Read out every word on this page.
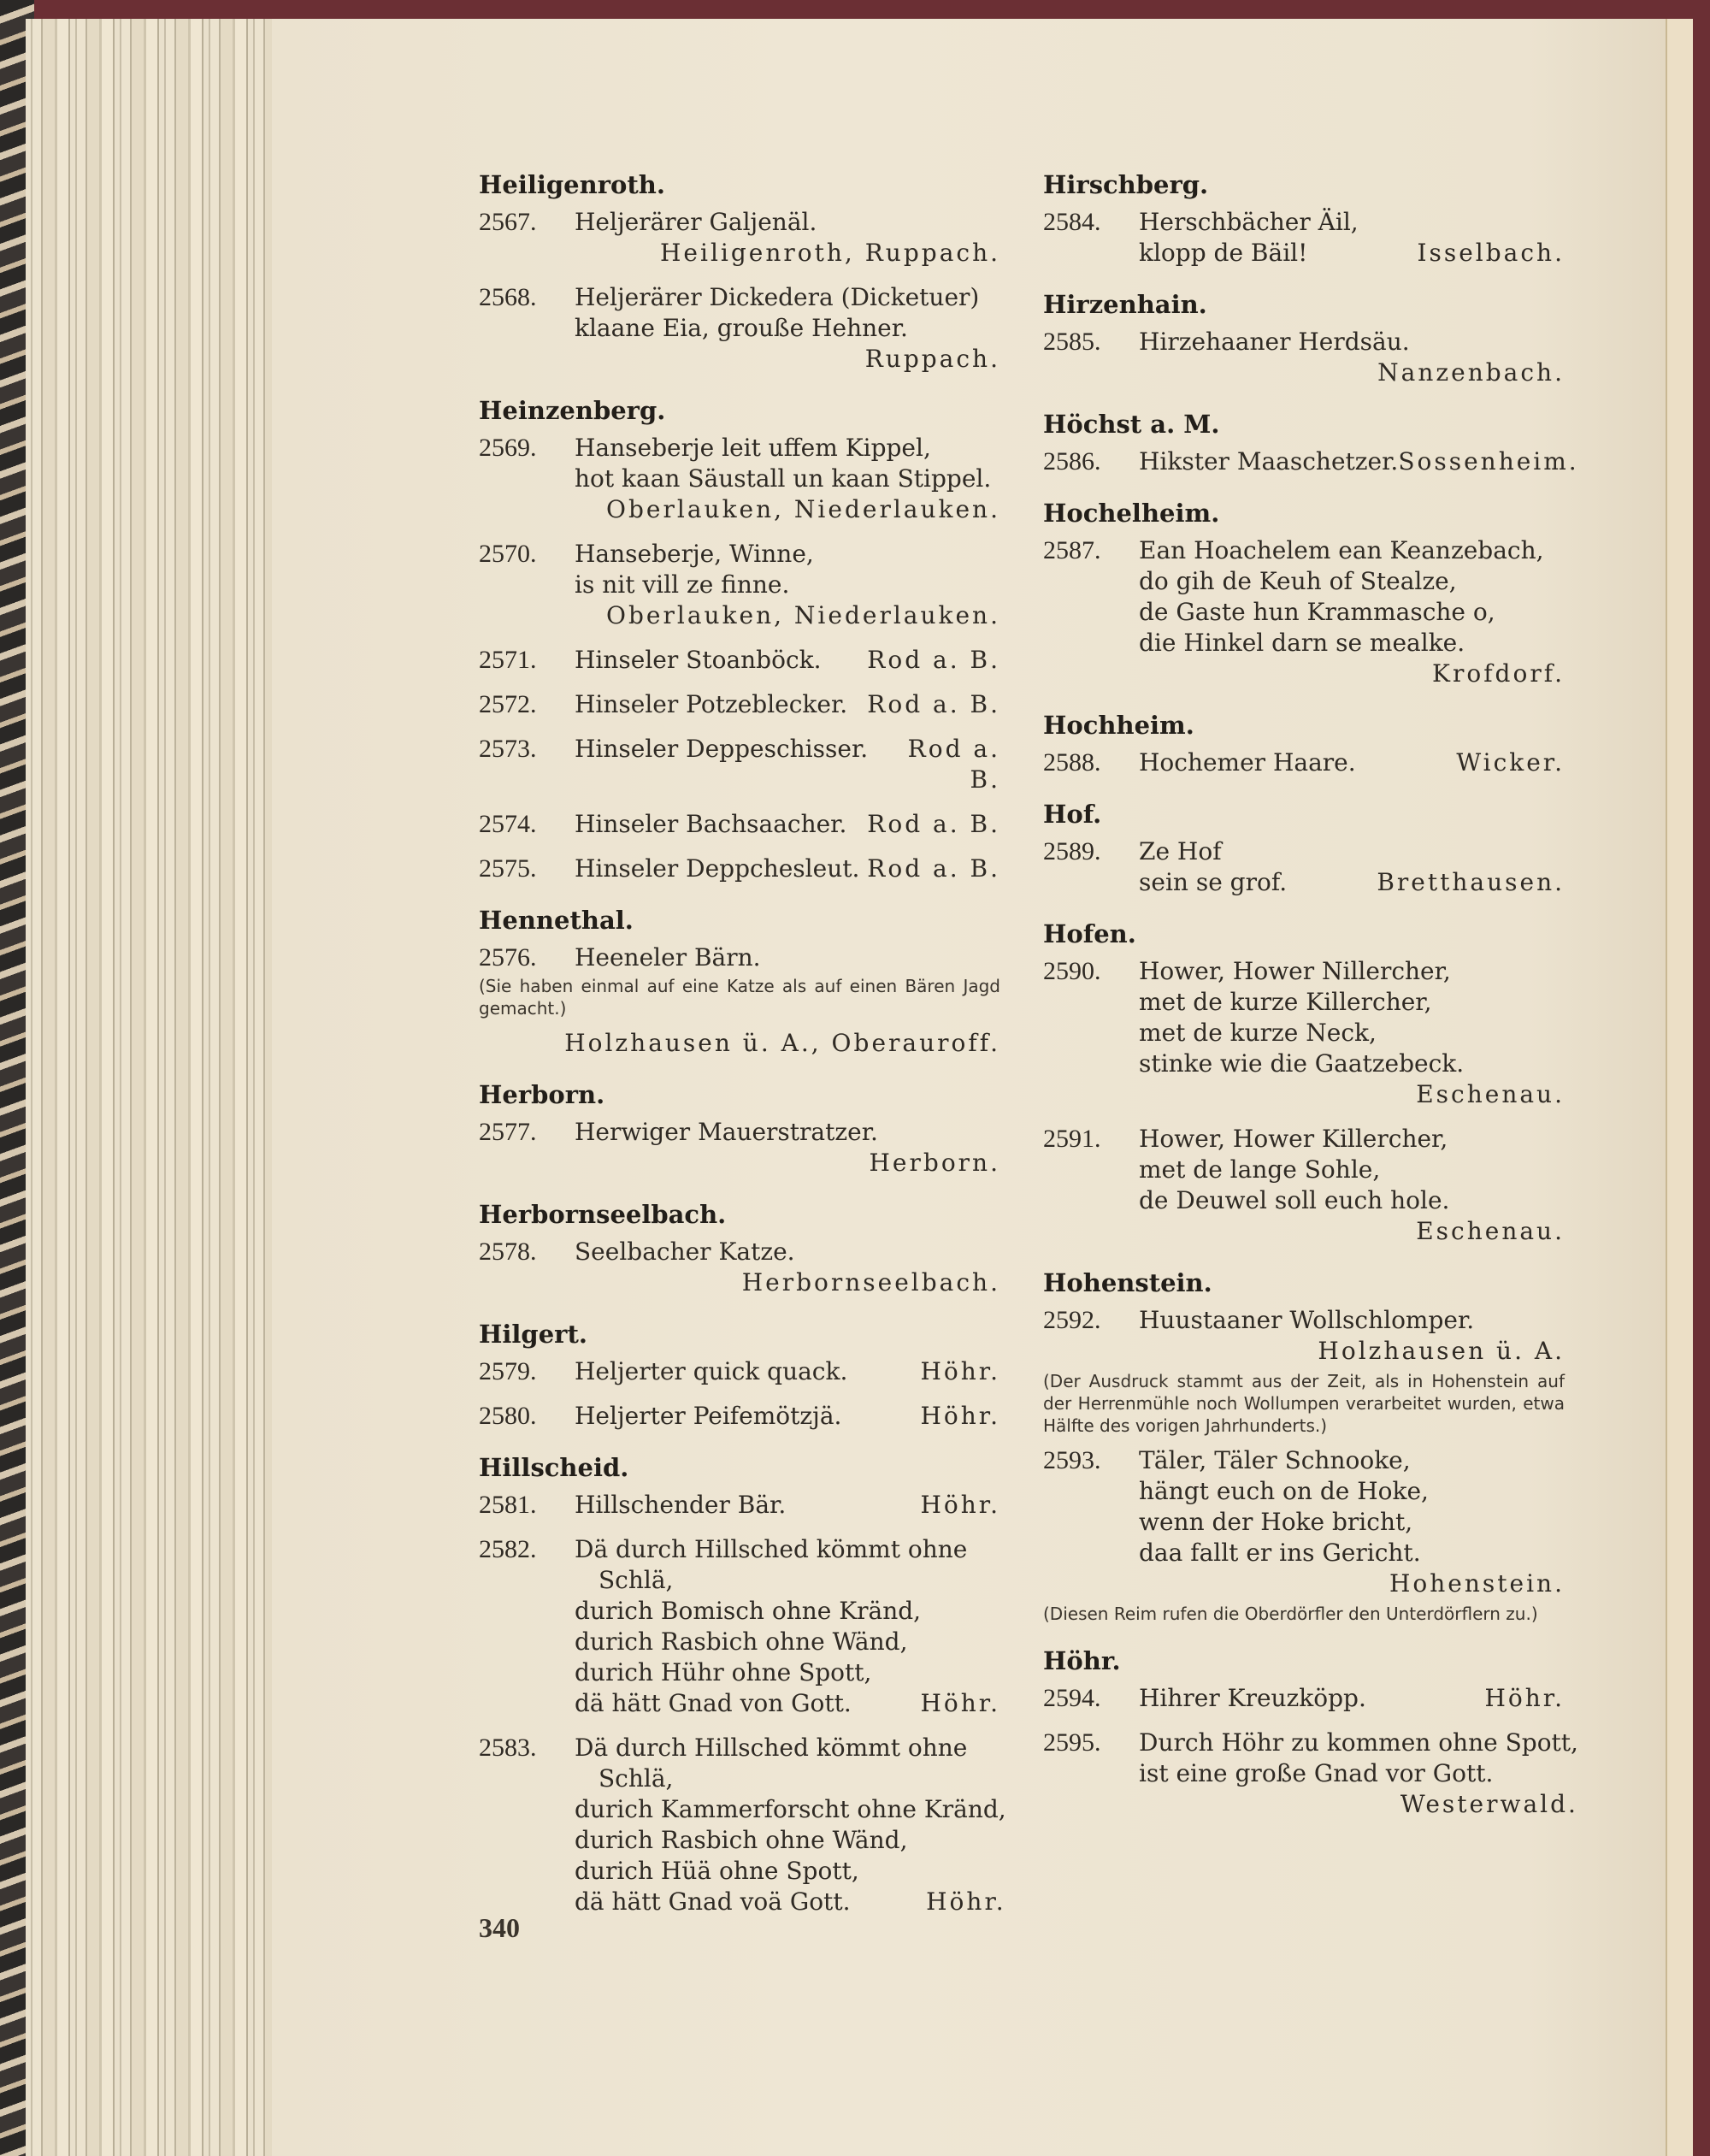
Heiligenroth.
2567.	Heljerärer Galjenäl.
Heiligenroth, Ruppach.
2568.	Heljerärer Dickedera (Dicketuer)
klaane Eia, grouße Hehner.
Ruppach.
Heinzenberg.
2569.	Hanseberje leit uffem Kippel,
hot kaan Säustall un kaan Stippel.
Oberlauken, Niederlauken.
2570.	Hanseberje, Winne,
is nit vill ze finne.
Oberlauken, Niederlauken.
2571.	Hinseler Stoanböck. Rod a. B.
2572.	Hinseler Potzeblecker. Rod a. B.
2573.	Hinseler Deppeschisser.	Rod a. B.
2574.	Hinseler Bachsaacher. Rod a. B.
2575.	Hinseler Deppchesleut. Rod a. B.
Hennethal.
2576.	Heeneler Bärn.
(Sie haben einmal auf eine Katze als auf einen Bären Jagd gemacht.)
Holzhausen ü. A., Oberauroff.
Herborn.
2577.	Herwiger Mauerstratzer.
Herborn.
Herbornseelbach.
2578.	Seelbacher Katze.
Herbornseelbach.
Hilgert.
2579.	Heljerter quick quack.	Höhr.
2580.	Heljerter Peifemötzjä.	Höhr.
Hillscheid.
2581.	Hillschender Bär.	Höhr.
2582.	Dä durch Hillsched kömmt ohne
Schlä,
durich Bomisch ohne Kränd,
durich Rasbich ohne Wänd,
durich Hühr ohne Spott,
dä hätt Gnad von Gott.	Höhr.
2583.	Dä durch Hillsched kömmt ohne
Schlä,
durich Kammerforscht ohne Kränd,
durich Rasbich ohne Wänd,
durich Hüä ohne Spott,
dä hätt Gnad voä Gott.	Höhr.
Hirschberg.
2584.	Herschbächer Äil,
klopp de Bäil!	Isselbach.
Hirzenhain.
2585.	Hirzehaaner Herdsäu.
Nanzenbach.
Höchst a. M.
2586.	Hikster Maaschetzer. Sossenheim.
Hochelheim.
2587.	Ean Hoachelem ean Keanzebach,
do gih de Keuh of Stealze,
de Gaste hun Krammasche o,
die Hinkel darn se mealke.
Krofdorf.
Hochheim.
2588.	Hochemer Haare.	Wicker.
Hof.
2589.	Ze Hof
sein se grof.	Bretthausen.
Hofen.
2590.	Hower, Hower Nillercher,
met de kurze Killercher,
met de kurze Neck,
stinke wie die Gaatzebeck.
Eschenau.
2591.	Hower, Hower Killercher,
met de lange Sohle,
de Deuwel soll euch hole.
Eschenau.
Hohenstein.
2592.	Huustaaner Wollschlomper.
Holzhausen ü. A.
(Der Ausdruck stammt aus der Zeit, als in Hohenstein auf der Herrenmühle noch Wollumpen verarbeitet wurden, etwa Hälfte des vorigen Jahrhunderts.)
2593.	Täler, Täler Schnooke,
hängt euch on de Hoke,
wenn der Hoke bricht,
daa fallt er ins Gericht.
Hohenstein.
(Diesen Reim rufen die Oberdörfler den Unterdörflern zu.)
Höhr.
2594.	Hihrer Kreuzköpp.	Höhr.
2595.	Durch Höhr zu kommen ohne Spott,
ist eine große Gnad vor Gott.
Westerwald.
340
